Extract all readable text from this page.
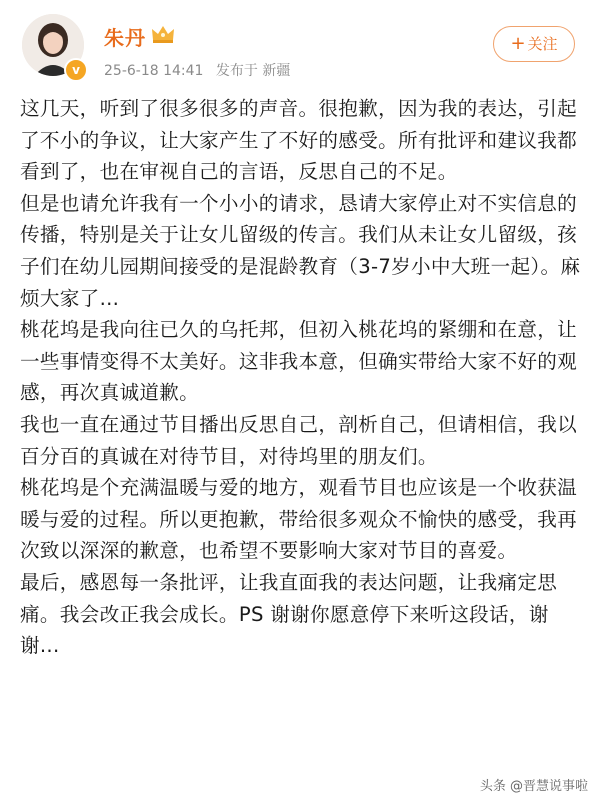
v
朱丹
25-6-18 14:41 发布于 新疆
+ 关注

这几天，听到了很多很多的声音。很抱歉，因为我的表达，引起了不小的争议，让大家产生了不好的感受。所有批评和建议我都看到了，也在审视自己的言语，反思自己的不足。

但是也请允许我有一个小小的请求，恳请大家停止对不实信息的传播，特别是关于让女儿留级的传言。我们从未让女儿留级，孩子们在幼儿园期间接受的是混龄教育（3-7岁小中大班一起）。麻烦大家了...

桃花坞是我向往已久的乌托邦，但初入桃花坞的紧绷和在意，让一些事情变得不太美好。这非我本意，但确实带给大家不好的观感，再次真诚道歉。

我也一直在通过节目播出反思自己，剖析自己，但请相信，我以百分百的真诚在对待节目，对待坞里的朋友们。

桃花坞是个充满温暖与爱的地方，观看节目也应该是一个收获温暖与爱的过程。所以更抱歉，带给很多观众不愉快的感受，我再次致以深深的歉意，也希望不要影响大家对节目的喜爱。

最后，感恩每一条批评，让我直面我的表达问题，让我痛定思痛。我会改正我会成长。PS 谢谢你愿意停下来听这段话，谢谢...

头条 @晋慧说事啦
